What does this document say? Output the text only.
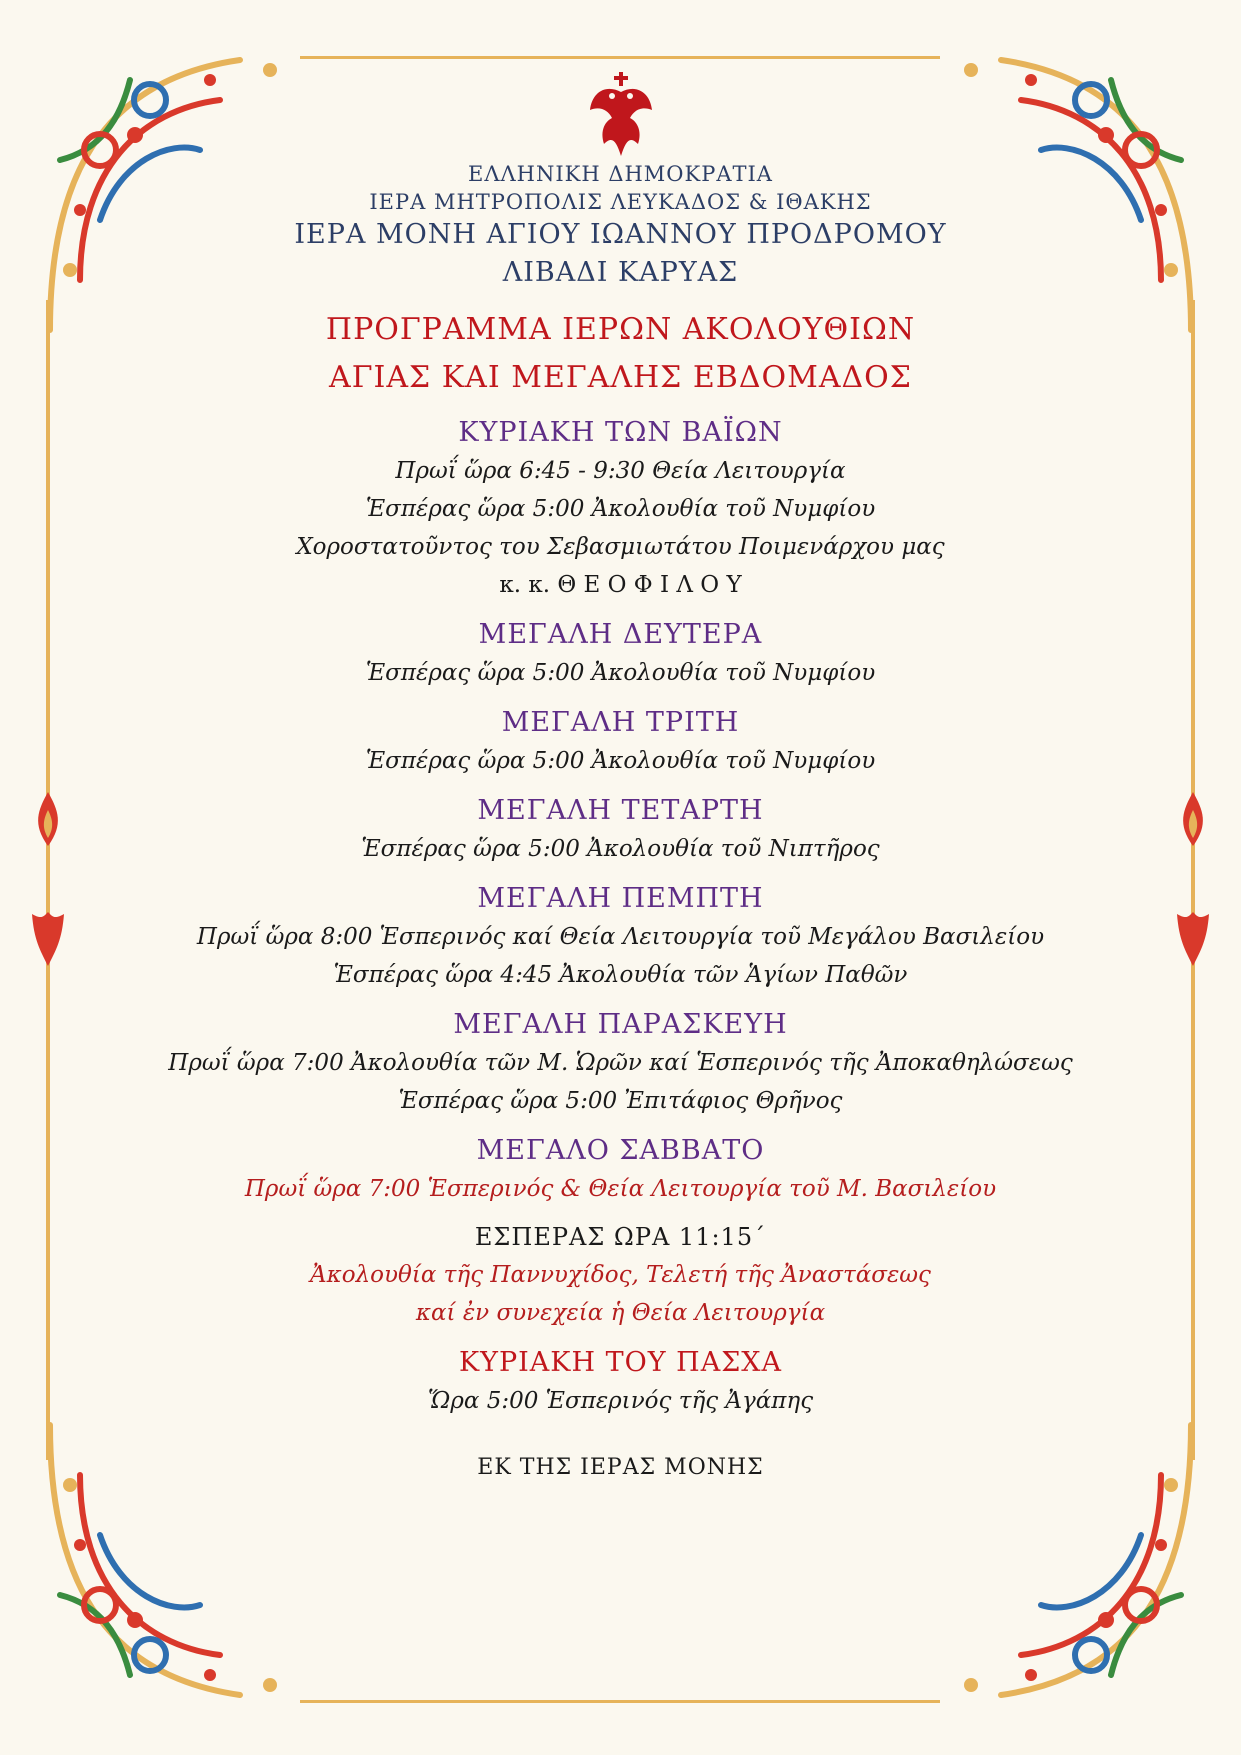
ΕΛΛΗΝΙΚΗ ΔΗΜΟΚΡΑΤΙΑ
ΙΕΡΑ ΜΗΤΡΟΠΟΛΙΣ ΛΕΥΚΑΔΟΣ & ΙΘΑΚΗΣ
ΙΕΡΑ ΜΟΝΗ ΑΓΙΟΥ ΙΩΑΝΝΟΥ ΠΡΟΔΡΟΜΟΥ
ΛΙΒΑΔΙ ΚΑΡΥΑΣ
ΠΡΟΓΡΑΜΜΑ ΙΕΡΩΝ ΑΚΟΛΟΥΘΙΩΝ
ΑΓΙΑΣ ΚΑΙ ΜΕΓΑΛΗΣ ΕΒΔΟΜΑΔΟΣ
ΚΥΡΙΑΚΗ ΤΩΝ ΒΑΪΩΝ
Πρωΐ ὥρα 6:45 - 9:30 Θεία Λειτουργία
Ἑσπέρας ὥρα 5:00 Ἀκολουθία τοῦ Νυμφίου
Χοροστατοῦντος του Σεβασμιωτάτου Ποιμενάρχου μας
κ. κ. Θ Ε Ο Φ Ι Λ Ο Υ
ΜΕΓΑΛΗ ΔΕΥΤΕΡΑ
Ἑσπέρας ὥρα 5:00 Ἀκολουθία τοῦ Νυμφίου
ΜΕΓΑΛΗ ΤΡΙΤΗ
Ἑσπέρας ὥρα 5:00 Ἀκολουθία τοῦ Νυμφίου
ΜΕΓΑΛΗ ΤΕΤΑΡΤΗ
Ἑσπέρας ὥρα 5:00 Ἀκολουθία τοῦ Νιπτῆρος
ΜΕΓΑΛΗ ΠΕΜΠΤΗ
Πρωΐ ὥρα 8:00 Ἑσπερινός καί Θεία Λειτουργία τοῦ Μεγάλου Βασιλείου
Ἑσπέρας ὥρα 4:45 Ἀκολουθία τῶν Ἁγίων Παθῶν
ΜΕΓΑΛΗ ΠΑΡΑΣΚΕΥΗ
Πρωΐ ὥρα 7:00 Ἀκολουθία τῶν Μ. Ὡρῶν καί Ἑσπερινός τῆς Ἀποκαθηλώσεως
Ἑσπέρας ὥρα 5:00 Ἐπιτάφιος Θρῆνος
ΜΕΓΑΛΟ ΣΑΒΒΑΤΟ
Πρωΐ ὥρα 7:00 Ἑσπερινός & Θεία Λειτουργία τοῦ Μ. Βασιλείου
ΕΣΠΕΡΑΣ ΩΡΑ 11:15΄
Ἀκολουθία τῆς Παννυχίδος, Τελετή τῆς Ἀναστάσεως
καί ἐν συνεχεία ἡ Θεία Λειτουργία
ΚΥΡΙΑΚΗ ΤΟΥ ΠΑΣΧΑ
Ὥρα 5:00 Ἑσπερινός τῆς Ἀγάπης
ΕΚ ΤΗΣ ΙΕΡΑΣ ΜΟΝΗΣ
